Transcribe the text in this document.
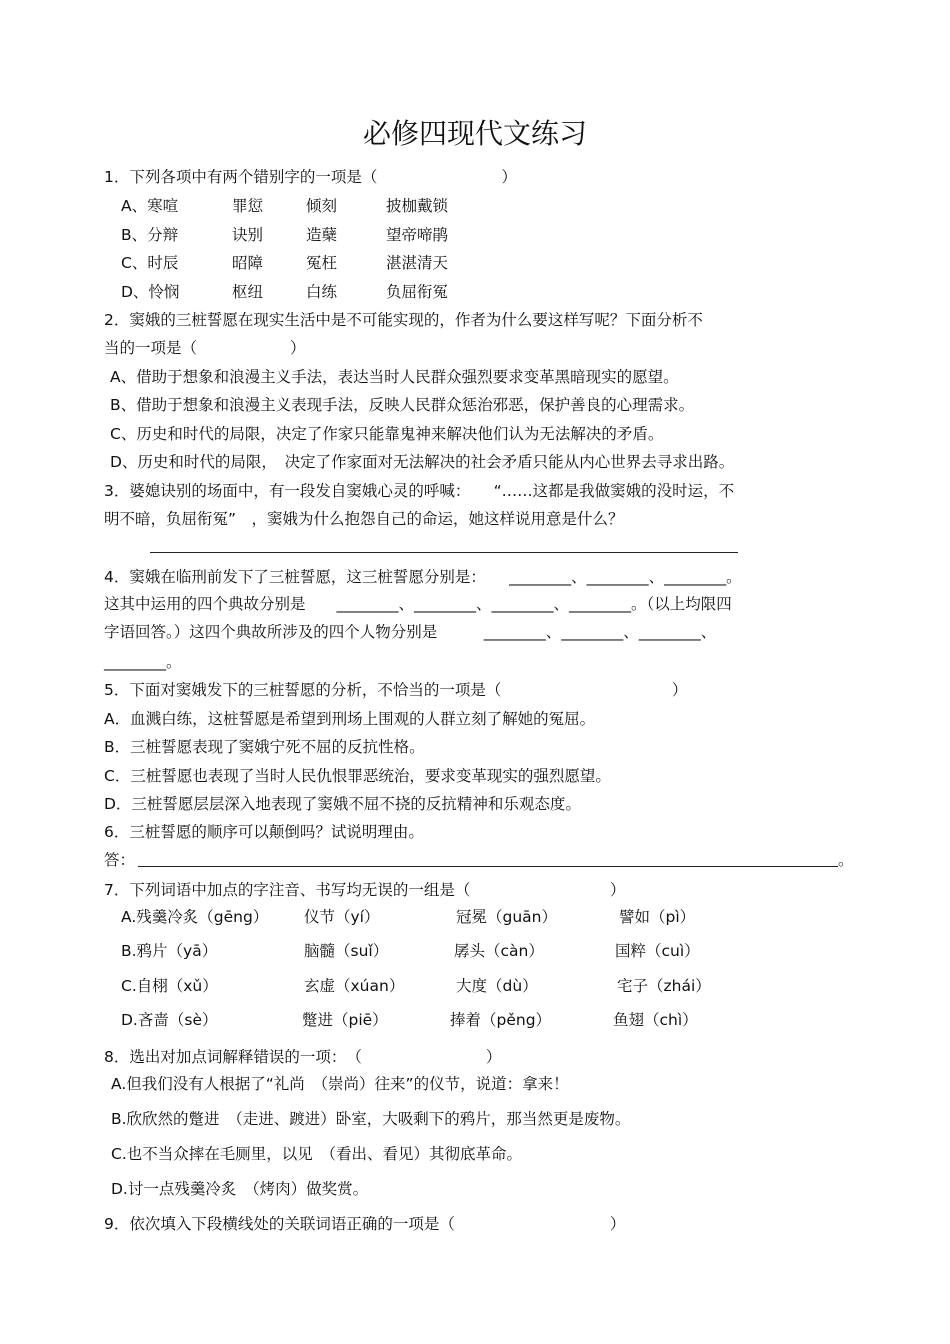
必修四现代文练习
1．下列各项中有两个错别字的一项是（　　　　　　　　）
A、寒喧	罪愆	倾刻	披枷戴锁
B、分辩	诀别	造蘖	望帝啼鹃
C、时辰	昭障	冤枉	湛湛清天
D、怜悯	枢纽	白练	负屈衔冤
2．窦娥的三桩誓愿在现实生活中是不可能实现的，作者为什么要这样写呢？下面分析不
当的一项是（　　　　　　）
A、借助于想象和浪漫主义手法，表达当时人民群众强烈要求变革黑暗现实的愿望。
B、借助于想象和浪漫主义表现手法，反映人民群众惩治邪恶，保护善良的心理需求。
C、历史和时代的局限，决定了作家只能靠鬼神来解决他们认为无法解决的矛盾。
D、历史和时代的局限，　决定了作家面对无法解决的社会矛盾只能从内心世界去寻求出路。
3．婆媳诀别的场面中，有一段发自窦娥心灵的呼喊：　　“……这都是我做窦娥的没时运，不
明不暗，负屈衔冤”　，窦娥为什么抱怨自己的命运，她这样说用意是什么？
4．窦娥在临刑前发下了三桩誓愿，这三桩誓愿分别是：　　________、________、________。
这其中运用的四个典故分别是　　________、________、________、________。（以上均限四
字语回答。）这四个典故所涉及的四个人物分别是　　　________、________、________、
________。
5．下面对窦娥发下的三桩誓愿的分析，不恰当的一项是（　　　　　　　　　　　）
A．血溅白练，这桩誓愿是希望到刑场上围观的人群立刻了解她的冤屈。
B．三桩誓愿表现了窦娥宁死不屈的反抗性格。
C．三桩誓愿也表现了当时人民仇恨罪恶统治，要求变革现实的强烈愿望。
D．三桩誓愿层层深入地表现了窦娥不屈不挠的反抗精神和乐观态度。
6．三桩誓愿的顺序可以颠倒吗？试说明理由。
答：	。
7．下列词语中加点的字注音、书写均无误的一组是（　　　　　　　　　）
A.残羹冷炙（gēng） 仪节（yí）	冠冕（guān）	譬如（pì）
B.鸦片（yā）	脑髓（suǐ）	孱头（càn）	国粹（cuì）
C.自栩（xǔ）	玄虚（xúan）	大度（dù）	宅子（zhái）
D.吝啬（sè）	蹩进（piē）	捧着（pěng）	鱼翅（chì）
8．选出对加点词解释错误的一项：　（　　　　　　　　）
A.但我们没有人根据了“礼尚　（崇尚）往来”的仪节，说道：拿来！
B.欣欣然的蹩进　（走进、踱进）卧室，大吸剩下的鸦片，那当然更是废物。
C.也不当众摔在毛厕里，以见　（看出、看见）其彻底革命。
D.讨一点残羹冷炙　（烤肉）做奖赏。
9．依次填入下段横线处的关联词语正确的一项是（　　　　　　　　　　）
